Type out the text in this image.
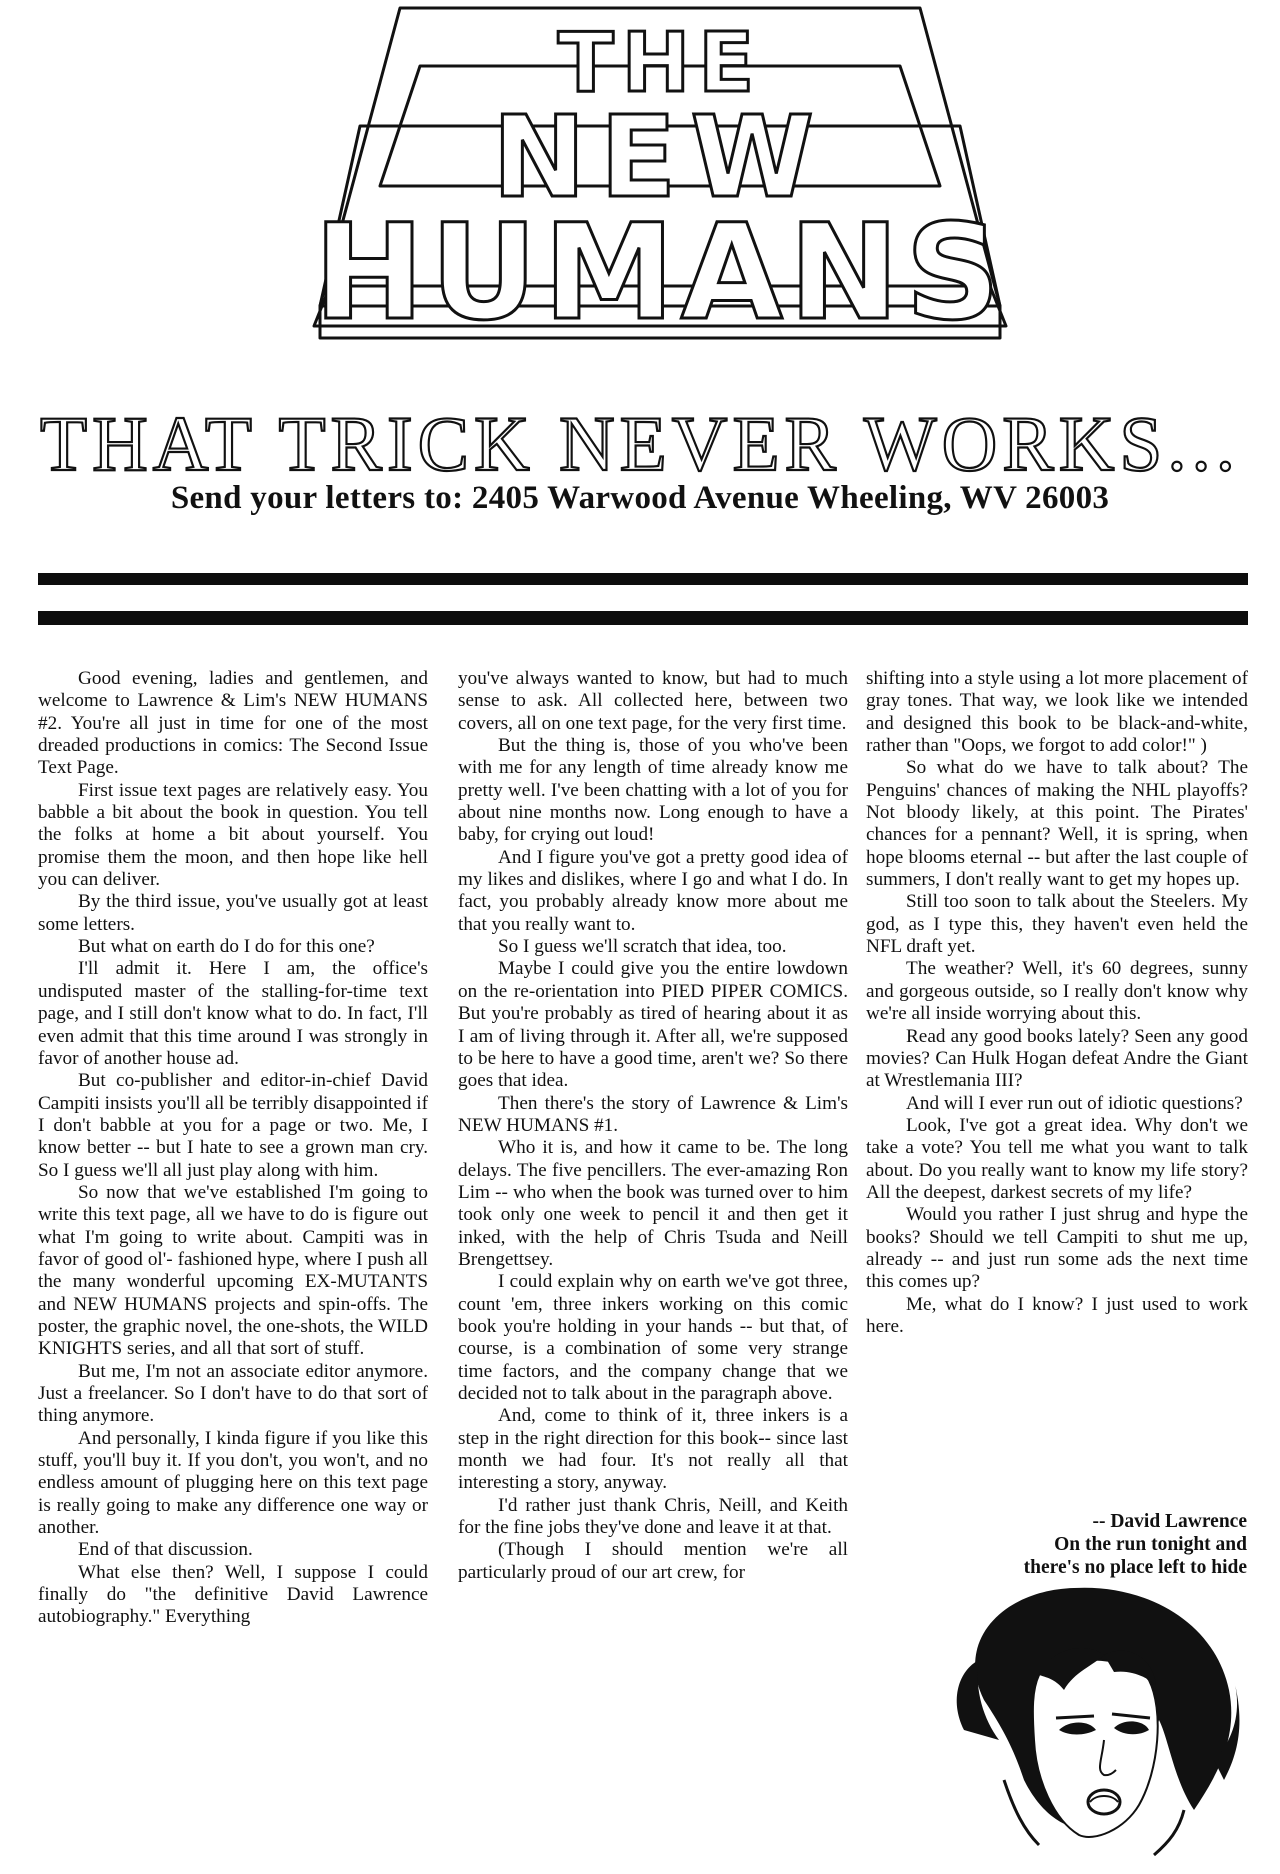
THE
NEW
HUMANS
THAT TRICK NEVER WORKS...
Send your letters to: 2405 Warwood Avenue Wheeling, WV 26003

Good evening, ladies and gentlemen, and welcome to Lawrence & Lim's NEW HUMANS #2. You're all just in time for one of the most dreaded productions in comics: The Second Issue Text Page.

First issue text pages are relatively easy. You babble a bit about the book in question. You tell the folks at home a bit about yourself. You promise them the moon, and then hope like hell you can deliver.

By the third issue, you've usually got at least some letters.

But what on earth do I do for this one?

I'll admit it. Here I am, the office's undisputed master of the stalling-for-time text page, and I still don't know what to do. In fact, I'll even admit that this time around I was strongly in favor of another house ad.

But co-publisher and editor-in-chief David Campiti insists you'll all be terribly disappointed if I don't babble at you for a page or two. Me, I know better -- but I hate to see a grown man cry. So I guess we'll all just play along with him.

So now that we've established I'm going to write this text page, all we have to do is figure out what I'm going to write about. Campiti was in favor of good ol'- fashioned hype, where I push all the many wonderful upcoming EX-MUTANTS and NEW HUMANS projects and spin-offs. The poster, the graphic novel, the one-shots, the WILD KNIGHTS series, and all that sort of stuff.

But me, I'm not an associate editor anymore. Just a freelancer. So I don't have to do that sort of thing anymore.

And personally, I kinda figure if you like this stuff, you'll buy it. If you don't, you won't, and no endless amount of plugging here on this text page is really going to make any difference one way or another.

End of that discussion.

What else then? Well, I suppose I could finally do "the definitive David Lawrence autobiography." Everything

you've always wanted to know, but had to much sense to ask. All collected here, between two covers, all on one text page, for the very first time.

But the thing is, those of you who've been with me for any length of time already know me pretty well. I've been chatting with a lot of you for about nine months now. Long enough to have a baby, for crying out loud!

And I figure you've got a pretty good idea of my likes and dislikes, where I go and what I do. In fact, you probably already know more about me that you really want to.

So I guess we'll scratch that idea, too.

Maybe I could give you the entire lowdown on the re-orientation into PIED PIPER COMICS. But you're probably as tired of hearing about it as I am of living through it. After all, we're supposed to be here to have a good time, aren't we? So there goes that idea.

Then there's the story of Lawrence & Lim's NEW HUMANS #1.

Who it is, and how it came to be. The long delays. The five pencillers. The ever-amazing Ron Lim -- who when the book was turned over to him took only one week to pencil it and then get it inked, with the help of Chris Tsuda and Neill Brengettsey.

I could explain why on earth we've got three, count 'em, three inkers working on this comic book you're holding in your hands -- but that, of course, is a combination of some very strange time factors, and the company change that we decided not to talk about in the paragraph above.

And, come to think of it, three inkers is a step in the right direction for this book-- since last month we had four. It's not really all that interesting a story, anyway.

I'd rather just thank Chris, Neill, and Keith for the fine jobs they've done and leave it at that.

(Though I should mention we're all particularly proud of our art crew, for

shifting into a style using a lot more placement of gray tones. That way, we look like we intended and designed this book to be black-and-white, rather than "Oops, we forgot to add color!" )

So what do we have to talk about? The Penguins' chances of making the NHL playoffs? Not bloody likely, at this point. The Pirates' chances for a pennant? Well, it is spring, when hope blooms eternal -- but after the last couple of summers, I don't really want to get my hopes up.

Still too soon to talk about the Steelers. My god, as I type this, they haven't even held the NFL draft yet.

The weather? Well, it's 60 degrees, sunny and gorgeous outside, so I really don't know why we're all inside worrying about this.

Read any good books lately? Seen any good movies? Can Hulk Hogan defeat Andre the Giant at Wrestlemania III?

And will I ever run out of idiotic questions?

Look, I've got a great idea. Why don't we take a vote? You tell me what you want to talk about. Do you really want to know my life story? All the deepest, darkest secrets of my life?

Would you rather I just shrug and hype the books? Should we tell Campiti to shut me up, already -- and just run some ads the next time this comes up?

Me, what do I know? I just used to work here.

-- David Lawrence
On the run tonight and
there's no place left to hide
